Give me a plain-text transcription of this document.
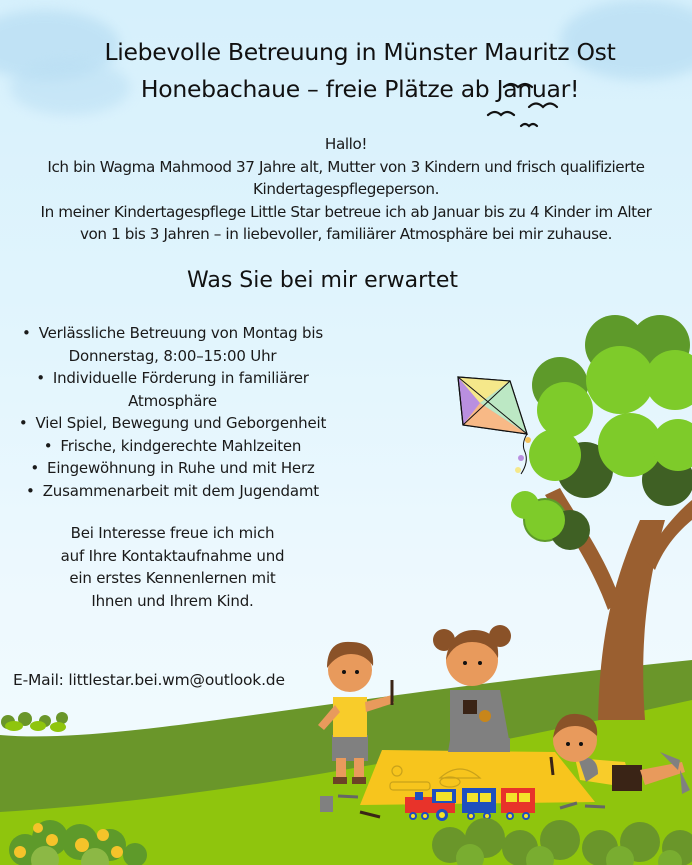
Liebevolle Betreuung in Münster Mauritz Ost
Honebachaue – freie Plätze ab Januar!
Hallo!
Ich bin Wagma Mahmood 37 Jahre alt, Mutter von 3 Kindern und frisch qualifizierte
Kindertagespflegeperson.
In meiner Kindertagespflege Little Star betreue ich ab Januar bis zu 4 Kinder im Alter
von 1 bis 3 Jahren – in liebevoller, familiärer Atmosphäre bei mir zuhause.
Was Sie bei mir erwartet
• Verlässliche Betreuung von Montag bis Donnerstag, 8:00–15:00 Uhr
• Individuelle Förderung in familiärer Atmosphäre
• Viel Spiel, Bewegung und Geborgenheit
• Frische, kindgerechte Mahlzeiten
• Eingewöhnung in Ruhe und mit Herz
• Zusammenarbeit mit dem Jugendamt
Bei Interesse freue ich mich auf Ihre Kontaktaufnahme und ein erstes Kennenlernen mit Ihnen und Ihrem Kind.
E-Mail: littlestar.bei.wm@outlook.de
